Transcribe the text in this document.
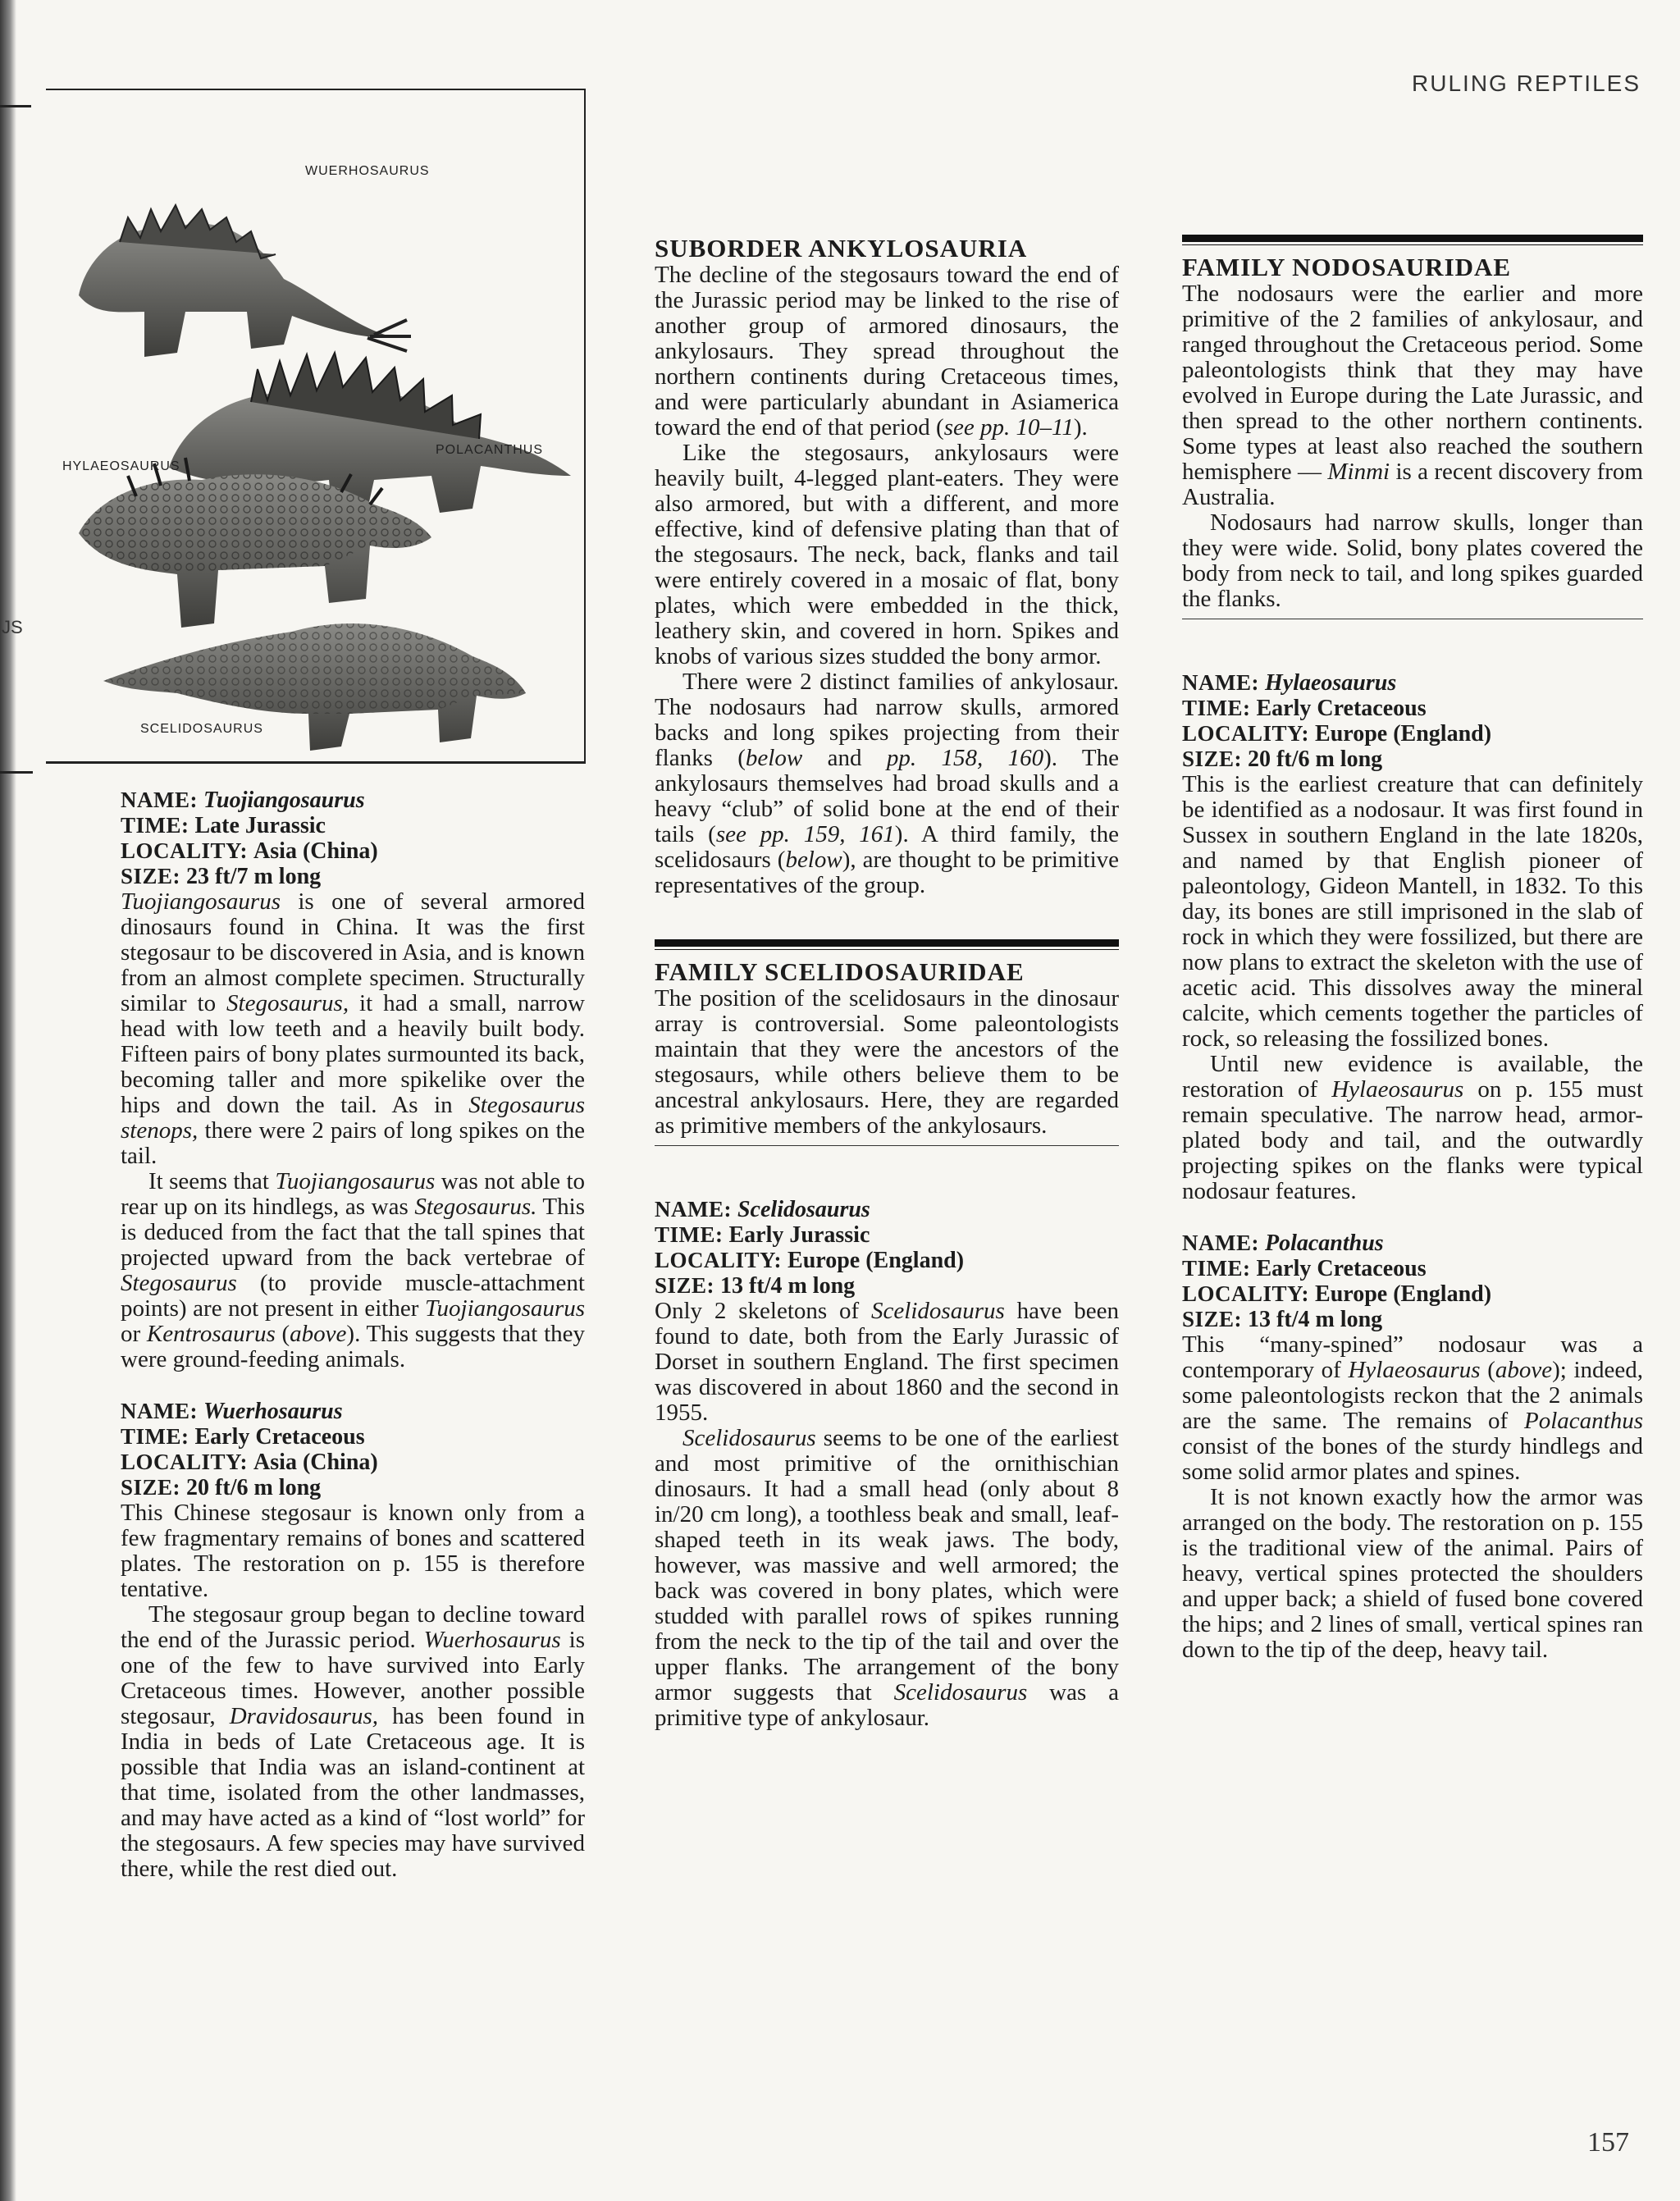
JS
RULING REPTILES
157
WUERHOSAURUS
POLACANTHUS
HYLAEOSAURUS
SCELIDOSAURUS
NAME: Tuojiangosaurus
TIME: Late Jurassic
LOCALITY: Asia (China)
SIZE: 23 ft/7 m long

Tuojiangosaurus is one of several armored dinosaurs found in China. It was the first stegosaur to be discovered in Asia, and is known from an almost complete specimen. Structurally similar to Stegosaurus, it had a small, narrow head with low teeth and a heavily built body. Fifteen pairs of bony plates surmounted its back, becoming taller and more spikelike over the hips and down the tail. As in Stegosaurus stenops, there were 2 pairs of long spikes on the tail.

It seems that Tuojiangosaurus was not able to rear up on its hindlegs, as was Stegosaurus. This is deduced from the fact that the tall spines that projected upward from the back vertebrae of Stegosaurus (to provide muscle-attachment points) are not present in either Tuojiangosaurus or Kentrosaurus (above). This suggests that they were ground-feeding animals.

NAME: Wuerhosaurus
TIME: Early Cretaceous
LOCALITY: Asia (China)
SIZE: 20 ft/6 m long

This Chinese stegosaur is known only from a few fragmentary remains of bones and scattered plates. The restoration on p. 155 is therefore tentative.

The stegosaur group began to decline toward the end of the Jurassic period. Wuerhosaurus is one of the few to have survived into Early Cretaceous times. However, another possible stegosaur, Dravidosaurus, has been found in India in beds of Late Cretaceous age. It is possible that India was an island-continent at that time, isolated from the other landmasses, and may have acted as a kind of “lost world” for the stegosaurs. A few species may have survived there, while the rest died out.

SUBORDER ANKYLOSAURIA

The decline of the stegosaurs toward the end of the Jurassic period may be linked to the rise of another group of armored dinosaurs, the ankylosaurs. They spread throughout the northern continents during Cretaceous times, and were particularly abundant in Asiamerica toward the end of that period (see pp. 10–11).

Like the stegosaurs, ankylosaurs were heavily built, 4-legged plant-eaters. They were also armored, but with a different, and more effective, kind of defensive plating than that of the stegosaurs. The neck, back, flanks and tail were entirely covered in a mosaic of flat, bony plates, which were embedded in the thick, leathery skin, and covered in horn. Spikes and knobs of various sizes studded the bony armor.

There were 2 distinct families of ankylosaur. The nodosaurs had narrow skulls, armored backs and long spikes projecting from their flanks (below and pp. 158, 160). The ankylosaurs themselves had broad skulls and a heavy “club” of solid bone at the end of their tails (see pp. 159, 161). A third family, the scelidosaurs (below), are thought to be primitive representatives of the group.

FAMILY SCELIDOSAURIDAE

The position of the scelidosaurs in the dinosaur array is controversial. Some paleontologists maintain that they were the ancestors of the stegosaurs, while others believe them to be ancestral ankylosaurs. Here, they are regarded as primitive members of the ankylosaurs.

NAME: Scelidosaurus
TIME: Early Jurassic
LOCALITY: Europe (England)
SIZE: 13 ft/4 m long

Only 2 skeletons of Scelidosaurus have been found to date, both from the Early Jurassic of Dorset in southern England. The first specimen was discovered in about 1860 and the second in 1955.

Scelidosaurus seems to be one of the earliest and most primitive of the ornithischian dinosaurs. It had a small head (only about 8 in/20 cm long), a toothless beak and small, leaf-shaped teeth in its weak jaws. The body, however, was massive and well armored; the back was covered in bony plates, which were studded with parallel rows of spikes running from the neck to the tip of the tail and over the upper flanks. The arrangement of the bony armor suggests that Scelidosaurus was a primitive type of ankylosaur.

FAMILY NODOSAURIDAE

The nodosaurs were the earlier and more primitive of the 2 families of ankylosaur, and ranged throughout the Cretaceous period. Some paleontologists think that they may have evolved in Europe during the Late Jurassic, and then spread to the other northern continents. Some types at least also reached the southern hemisphere — Minmi is a recent discovery from Australia.

Nodosaurs had narrow skulls, longer than they were wide. Solid, bony plates covered the body from neck to tail, and long spikes guarded the flanks.

NAME: Hylaeosaurus
TIME: Early Cretaceous
LOCALITY: Europe (England)
SIZE: 20 ft/6 m long

This is the earliest creature that can definitely be identified as a nodosaur. It was first found in Sussex in southern England in the late 1820s, and named by that English pioneer of paleontology, Gideon Mantell, in 1832. To this day, its bones are still imprisoned in the slab of rock in which they were fossilized, but there are now plans to extract the skeleton with the use of acetic acid. This dissolves away the mineral calcite, which cements together the particles of rock, so releasing the fossilized bones.

Until new evidence is available, the restoration of Hylaeosaurus on p. 155 must remain speculative. The narrow head, armor-plated body and tail, and the outwardly projecting spikes on the flanks were typical nodosaur features.

NAME: Polacanthus
TIME: Early Cretaceous
LOCALITY: Europe (England)
SIZE: 13 ft/4 m long

This “many-spined” nodosaur was a contemporary of Hylaeosaurus (above); indeed, some paleontologists reckon that the 2 animals are the same. The remains of Polacanthus consist of the bones of the sturdy hindlegs and some solid armor plates and spines.

It is not known exactly how the armor was arranged on the body. The restoration on p. 155 is the traditional view of the animal. Pairs of heavy, vertical spines protected the shoulders and upper back; a shield of fused bone covered the hips; and 2 lines of small, vertical spines ran down to the tip of the deep, heavy tail.
